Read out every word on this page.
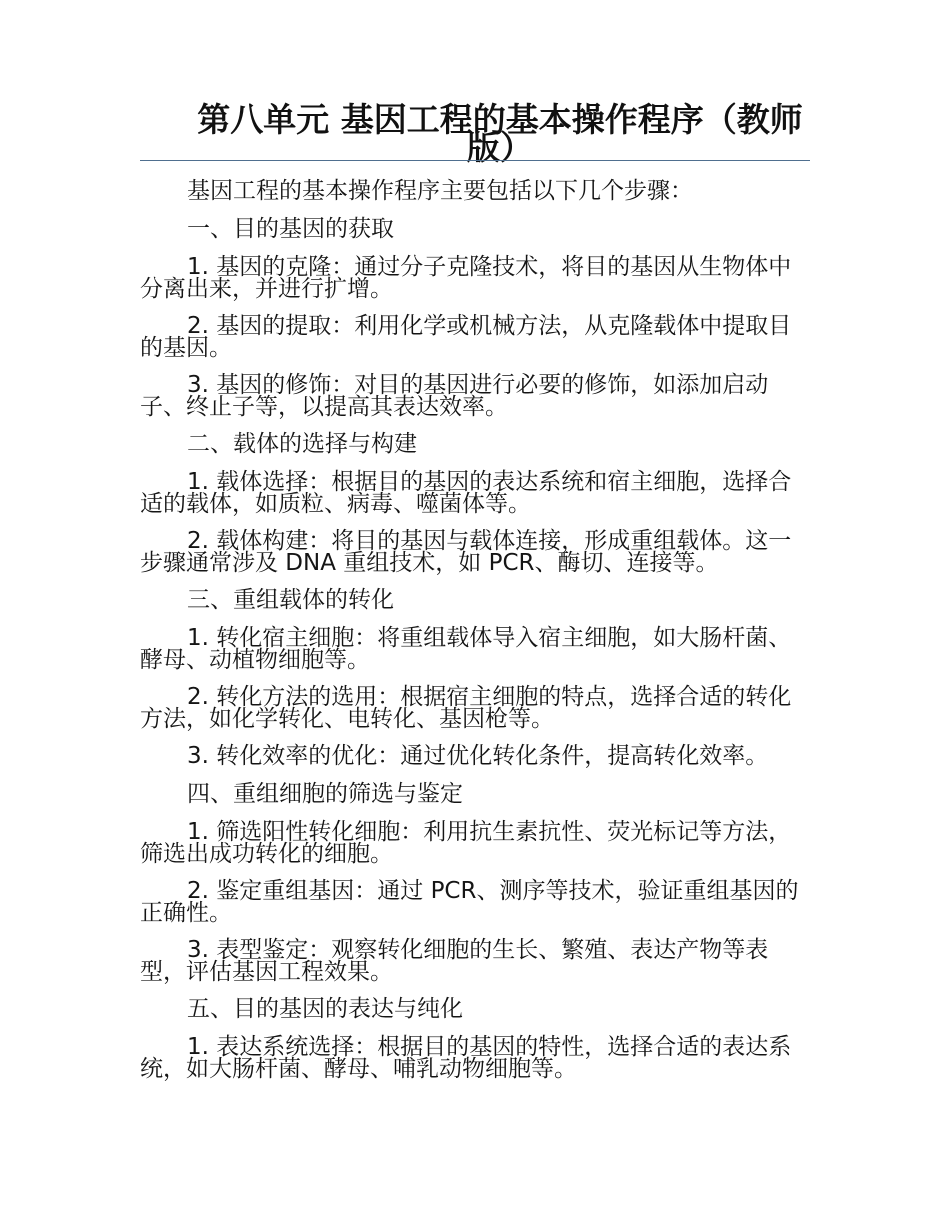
第八单元 基因工程的基本操作程序（教师版）

基因工程的基本操作程序主要包括以下几个步骤：

一、目的基因的获取

1. 基因的克隆：通过分子克隆技术，将目的基因从生物体中分离出来，并进行扩增。

2. 基因的提取：利用化学或机械方法，从克隆载体中提取目的基因。

3. 基因的修饰：对目的基因进行必要的修饰，如添加启动子、终止子等，以提高其表达效率。

二、载体的选择与构建

1. 载体选择：根据目的基因的表达系统和宿主细胞，选择合适的载体，如质粒、病毒、噬菌体等。

2. 载体构建：将目的基因与载体连接，形成重组载体。这一步骤通常涉及 DNA 重组技术，如 PCR、酶切、连接等。

三、重组载体的转化

1. 转化宿主细胞：将重组载体导入宿主细胞，如大肠杆菌、酵母、动植物细胞等。

2. 转化方法的选用：根据宿主细胞的特点，选择合适的转化方法，如化学转化、电转化、基因枪等。

3. 转化效率的优化：通过优化转化条件，提高转化效率。

四、重组细胞的筛选与鉴定

1. 筛选阳性转化细胞：利用抗生素抗性、荧光标记等方法，筛选出成功转化的细胞。

2. 鉴定重组基因：通过 PCR、测序等技术，验证重组基因的正确性。

3. 表型鉴定：观察转化细胞的生长、繁殖、表达产物等表型，评估基因工程效果。

五、目的基因的表达与纯化

1. 表达系统选择：根据目的基因的特性，选择合适的表达系统，如大肠杆菌、酵母、哺乳动物细胞等。
